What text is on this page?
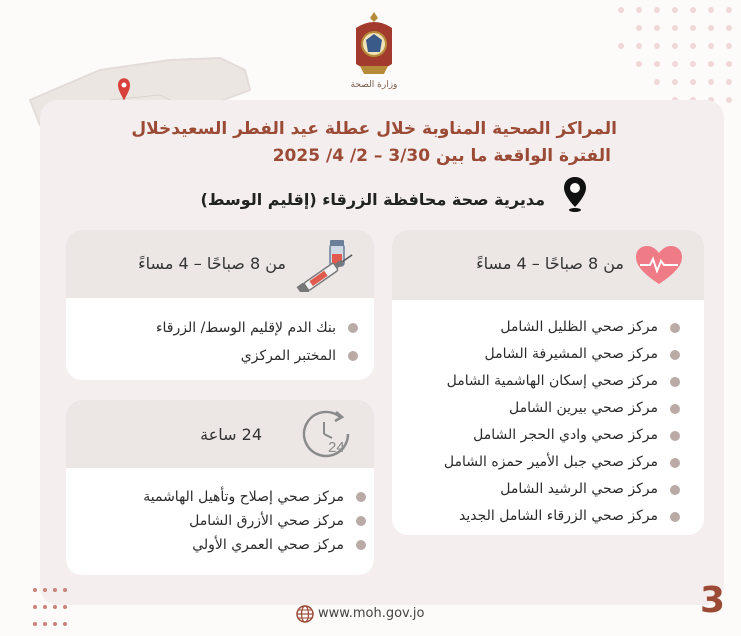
وزارة الصحة
المراكز الصحية المناوبة خلال عطلة عيد الفطر السعيدخلال

الفترة الواقعة ما بين 3/30 – 2/ 4/ 2025
مديرية صحة محافظة الزرقاء (إقليم الوسط)
من 8 صباحًا – 4 مساءً
مركز صحي الظليل الشامل
مركز صحي المشيرفة الشامل
مركز صحي إسكان الهاشمية الشامل
مركز صحي بيرين الشامل
مركز صحي وادي الحجر الشامل
مركز صحي جبل الأمير حمزه الشامل
مركز صحي الرشيد الشامل
مركز صحي الزرقاء الشامل الجديد
من 8 صباحًا – 4 مساءً
بنك الدم لإقليم الوسط/ الزرقاء
المختبر المركزي
24
24 ساعة
مركز صحي إصلاح وتأهيل الهاشمية
مركز صحي الأزرق الشامل
مركز صحي العمري الأولي
www.moh.gov.jo	3
